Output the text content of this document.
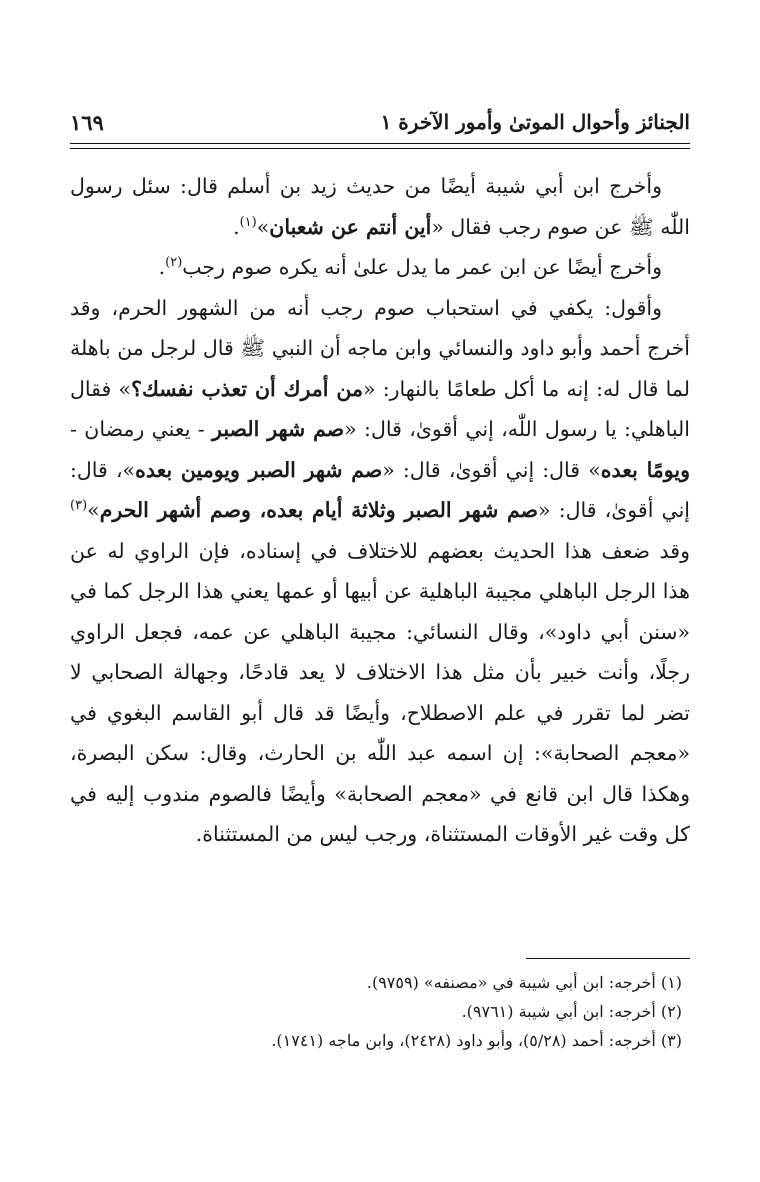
الجنائز وأحوال الموتىٰ وأمور الآخرة ١
١٦٩

وأخرج ابن أبي شيبة أيضًا من حديث زيد بن أسلم قال: سئل رسول اللّٰه ﷺ عن صوم رجب فقال «أين أنتم عن شعبان»$^{(١)}$.

وأخرج أيضًا عن ابن عمر ما يدل علىٰ أنه يكره صوم رجب$^{(٢)}$.

وأقول: يكفي في استحباب صوم رجب أنه من الشهور الحرم، وقد أخرج أحمد وأبو داود والنسائي وابن ماجه أن النبي ﷺ قال لرجل من باهلة لما قال له: إنه ما أكل طعامًا بالنهار: «من أمرك أن تعذب نفسك؟» فقال الباهلي: يا رسول اللّٰه، إني أقوىٰ، قال: «صم شهر الصبر - يعني رمضان - ويومًا بعده» قال: إني أقوىٰ، قال: «صم شهر الصبر ويومين بعده»، قال: إني أقوىٰ، قال: «صم شهر الصبر وثلاثة أيام بعده، وصم أشهر الحرم»$^{(٣)}$ وقد ضعف هذا الحديث بعضهم للاختلاف في إسناده، فإن الراوي له عن هذا الرجل الباهلي مجيبة الباهلية عن أبيها أو عمها يعني هذا الرجل كما في «سنن أبي داود»، وقال النسائي: مجيبة الباهلي عن عمه، فجعل الراوي رجلًا، وأنت خبير بأن مثل هذا الاختلاف لا يعد قادحًا، وجهالة الصحابي لا تضر لما تقرر في علم الاصطلاح، وأيضًا قد قال أبو القاسم البغوي في «معجم الصحابة»: إن اسمه عبد اللّٰه بن الحارث، وقال: سكن البصرة، وهكذا قال ابن قانع في «معجم الصحابة» وأيضًا فالصوم مندوب إليه في كل وقت غير الأوقات المستثناة، ورجب ليس من المستثناة.

(١) أخرجه: ابن أبي شيبة في «مصنفه» (٩٧٥٩).

(٢) أخرجه: ابن أبي شيبة (٩٧٦١).

(٣) أخرجه: أحمد (٥/٢٨)، وأبو داود (٢٤٢٨)، وابن ماجه (١٧٤١).
